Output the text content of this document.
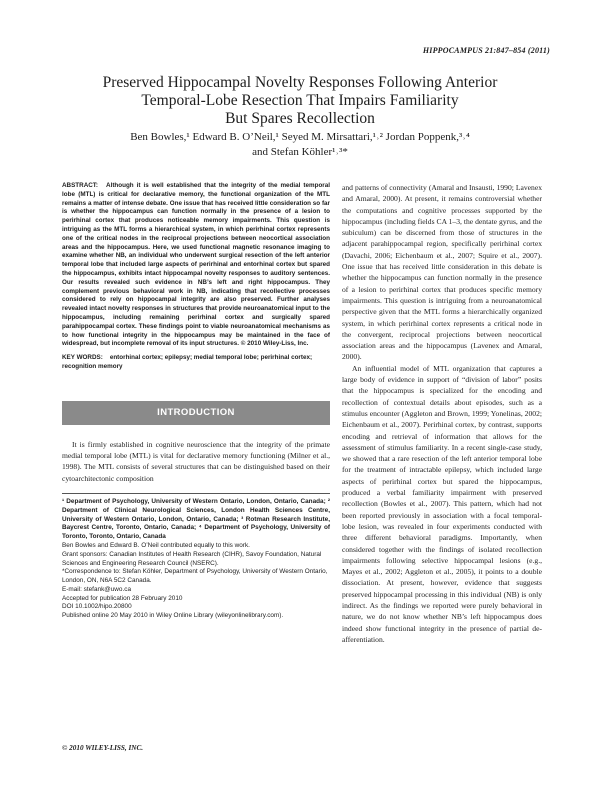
HIPPOCAMPUS 21:847–854 (2011)
Preserved Hippocampal Novelty Responses Following Anterior
Temporal-Lobe Resection That Impairs Familiarity
But Spares Recollection
Ben Bowles,¹ Edward B. O’Neil,¹ Seyed M. Mirsattari,¹˒² Jordan Poppenk,³˒⁴
and Stefan Köhler¹˒³*

ABSTRACT: Although it is well established that the integrity of the medial temporal lobe (MTL) is critical for declarative memory, the functional organization of the MTL remains a matter of intense debate. One issue that has received little consideration so far is whether the hippocampus can function normally in the presence of a lesion to perirhinal cortex that produces noticeable memory impairments. This question is intriguing as the MTL forms a hierarchical system, in which perirhinal cortex represents one of the critical nodes in the reciprocal projections between neocortical association areas and the hippocampus. Here, we used functional magnetic resonance imaging to examine whether NB, an individual who underwent surgical resection of the left anterior temporal lobe that included large aspects of perirhinal and entorhinal cortex but spared the hippocampus, exhibits intact hippocampal novelty responses to auditory sentences. Our results revealed such evidence in NB’s left and right hippocampus. They complement previous behavioral work in NB, indicating that recollective processes considered to rely on hippocampal integrity are also preserved. Further analyses revealed intact novelty responses in structures that provide neuroanatomical input to the hippocampus, including remaining perirhinal cortex and surgically spared parahippocampal cortex. These findings point to viable neuroanatomical mechanisms as to how functional integrity in the hippocampus may be maintained in the face of widespread, but incomplete removal of its input structures. © 2010 Wiley-Liss, Inc.

KEY WORDS: entorhinal cortex; epilepsy; medial temporal lobe; perirhinal cortex; recognition memory

INTRODUCTION

It is firmly established in cognitive neuroscience that the integrity of the primate medial temporal lobe (MTL) is vital for declarative memory functioning (Milner et al., 1998). The MTL consists of several structures that can be distinguished based on their cytoarchitectonic composition

¹ Department of Psychology, University of Western Ontario, London, Ontario, Canada; ² Department of Clinical Neurological Sciences, London Health Sciences Centre, University of Western Ontario, London, Ontario, Canada; ³ Rotman Research Institute, Baycrest Centre, Toronto, Ontario, Canada; ⁴ Department of Psychology, University of Toronto, Toronto, Ontario, Canada

Ben Bowles and Edward B. O’Neil contributed equally to this work.

Grant sponsors: Canadian Institutes of Health Research (CIHR), Savoy Foundation, Natural Sciences and Engineering Research Council (NSERC).

*Correspondence to: Stefan Köhler, Department of Psychology, University of Western Ontario, London, ON, N6A 5C2 Canada.

E-mail: stefank@uwo.ca

Accepted for publication 28 February 2010

DOI 10.1002/hipo.20800

Published online 20 May 2010 in Wiley Online Library (wileyonlinelibrary.com).

© 2010 WILEY-LISS, INC.

and patterns of connectivity (Amaral and Insausti, 1990; Lavenex and Amaral, 2000). At present, it remains controversial whether the computations and cognitive processes supported by the hippocampus (including fields CA 1–3, the dentate gyrus, and the subiculum) can be discerned from those of structures in the adjacent parahippocampal region, specifically perirhinal cortex (Davachi, 2006; Eichenbaum et al., 2007; Squire et al., 2007). One issue that has received little consideration in this debate is whether the hippocampus can function normally in the presence of a lesion to perirhinal cortex that produces specific memory impairments. This question is intriguing from a neuroanatomical perspective given that the MTL forms a hierarchically organized system, in which perirhinal cortex represents a critical node in the convergent, reciprocal projections between neocortical association areas and the hippocampus (Lavenex and Amaral, 2000).

An influential model of MTL organization that captures a large body of evidence in support of “division of labor” posits that the hippocampus is specialized for the encoding and recollection of contextual details about episodes, such as a stimulus encounter (Aggleton and Brown, 1999; Yonelinas, 2002; Eichenbaum et al., 2007). Perirhinal cortex, by contrast, supports encoding and retrieval of information that allows for the assessment of stimulus familiarity. In a recent single-case study, we showed that a rare resection of the left anterior temporal lobe for the treatment of intractable epilepsy, which included large aspects of perirhinal cortex but spared the hippocampus, produced a verbal familiarity impairment with preserved recollection (Bowles et al., 2007). This pattern, which had not been reported previously in association with a focal temporal-lobe lesion, was revealed in four experiments conducted with three different behavioral paradigms. Importantly, when considered together with the findings of isolated recollection impairments following selective hippocampal lesions (e.g., Mayes et al., 2002; Aggleton et al., 2005), it points to a double dissociation. At present, however, evidence that suggests preserved hippocampal processing in this individual (NB) is only indirect. As the findings we reported were purely behavioral in nature, we do not know whether NB’s left hippocampus does indeed show functional integrity in the presence of partial de-afferentiation.
